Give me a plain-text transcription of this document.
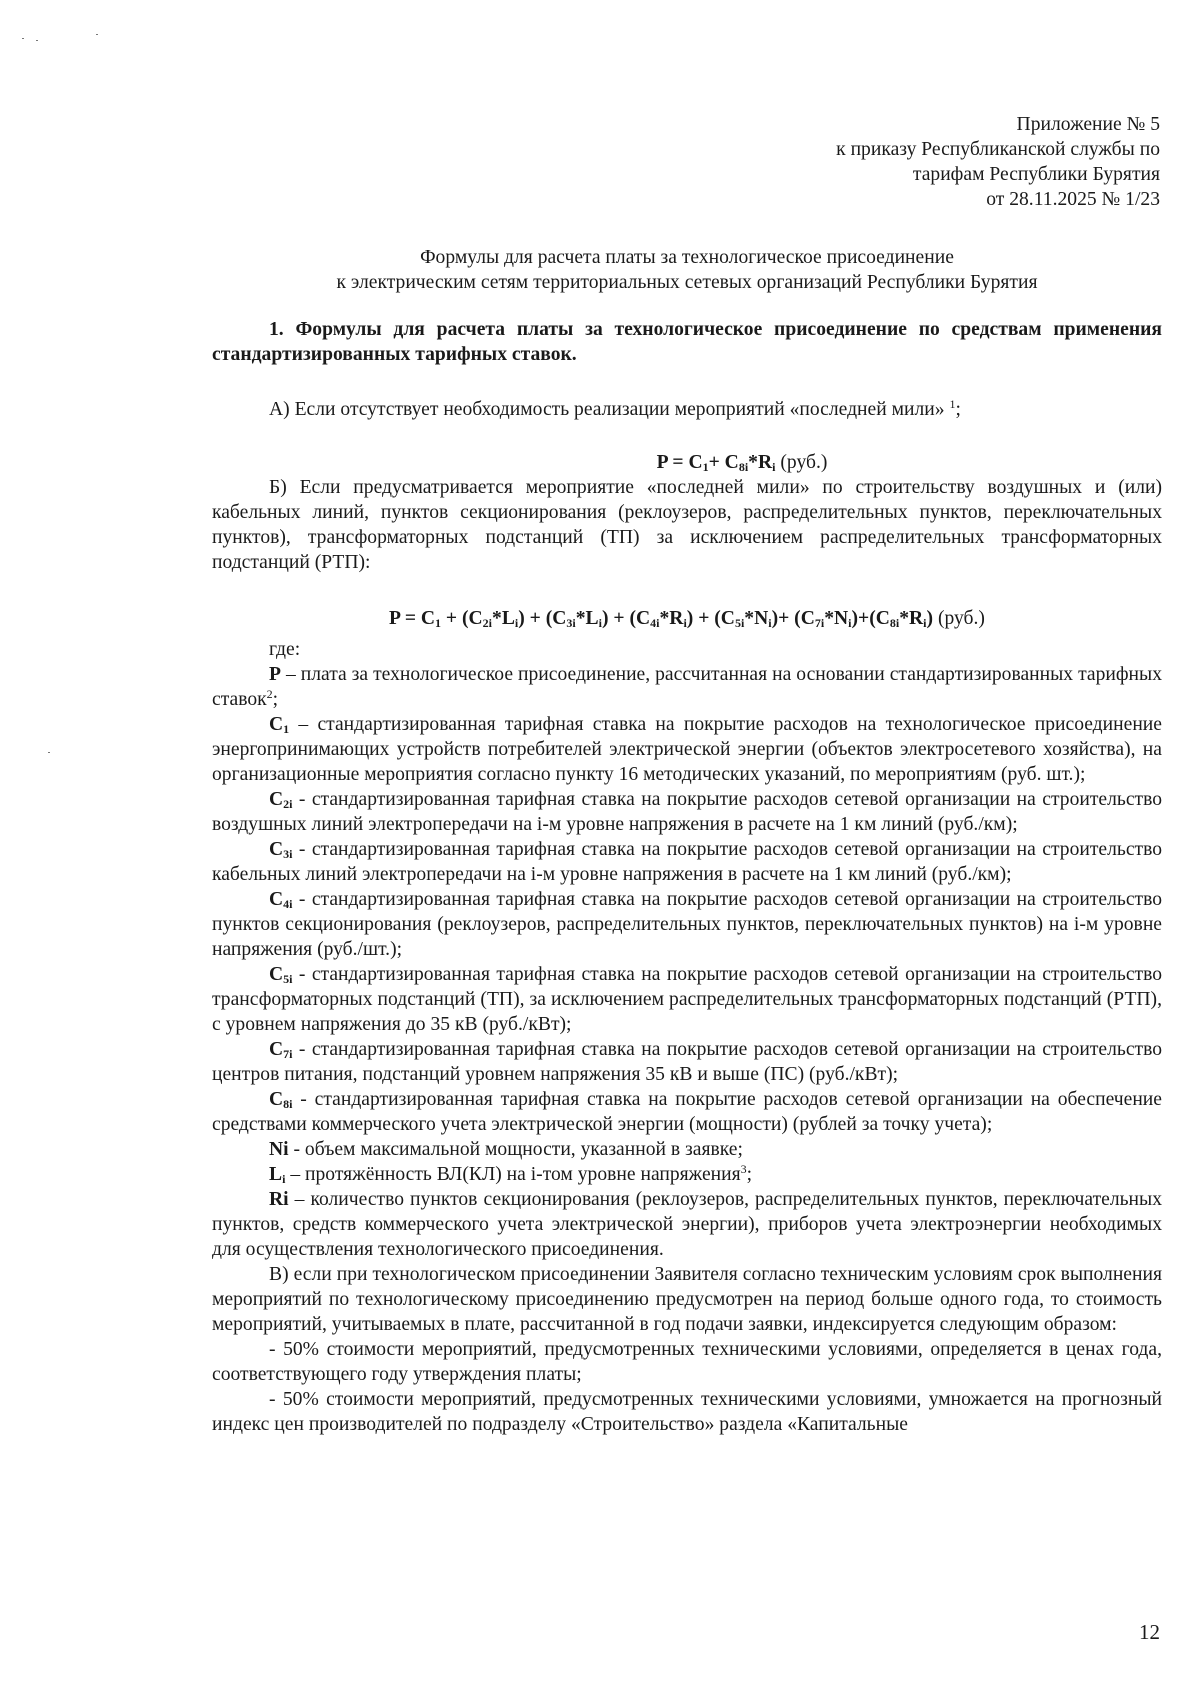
Приложение № 5
к приказу Республиканской службы по
тарифам Республики Бурятия
от 28.11.2025 № 1/23
Формулы для расчета платы за технологическое присоединение
к электрическим сетям территориальных сетевых организаций Республики Бурятия
1. Формулы для расчета платы за технологическое присоединение по средствам применения стандартизированных тарифных ставок.
А) Если отсутствует необходимость реализации мероприятий «последней мили» $^1$;
$P = C_1+ C_{8i}*R_i$ (руб.)

Б) Если предусматривается мероприятие «последней мили» по строительству воздушных и (или) кабельных линий, пунктов секционирования (реклоузеров, распределительных пунктов, переключательных пунктов), трансформаторных подстанций (ТП) за исключением распределительных трансформаторных подстанций (РТП):

$P = C_1 + (C_{2i}*L_i) + (C_{3i}*L_i) + (C_{4i}*R_i) + (C_{5i}*N_i)+ (C_{7i}*N_i)+(C_{8i}*R_i)$ (руб.)

где:

P – плата за технологическое присоединение, рассчитанная на основании стандартизированных тарифных ставок$^2$;

$C_1$ – стандартизированная тарифная ставка на покрытие расходов на технологическое присоединение энергопринимающих устройств потребителей электрической энергии (объектов электросетевого хозяйства), на организационные мероприятия согласно пункту 16 методических указаний, по мероприятиям (руб. шт.);

$C_{2i}$ - стандартизированная тарифная ставка на покрытие расходов сетевой организации на строительство воздушных линий электропередачи на i-м уровне напряжения в расчете на 1 км линий (руб./км);

$C_{3i}$ - стандартизированная тарифная ставка на покрытие расходов сетевой организации на строительство кабельных линий электропередачи на i-м уровне напряжения в расчете на 1 км линий (руб./км);

$C_{4i}$ - стандартизированная тарифная ставка на покрытие расходов сетевой организации на строительство пунктов секционирования (реклоузеров, распределительных пунктов, переключательных пунктов) на i-м уровне напряжения (руб./шт.);

$C_{5i}$ - стандартизированная тарифная ставка на покрытие расходов сетевой организации на строительство трансформаторных подстанций (ТП), за исключением распределительных трансформаторных подстанций (РТП), с уровнем напряжения до 35 кВ (руб./кВт);

$C_{7i}$ - стандартизированная тарифная ставка на покрытие расходов сетевой организации на строительство центров питания, подстанций уровнем напряжения 35 кВ и выше (ПС) (руб./кВт);

$C_{8i}$ - стандартизированная тарифная ставка на покрытие расходов сетевой организации на обеспечение средствами коммерческого учета электрической энергии (мощности) (рублей за точку учета);

Ni - объем максимальной мощности, указанной в заявке;

$L_i$ – протяжённость ВЛ(КЛ) на i-том уровне напряжения$^3$;

Ri – количество пунктов секционирования (реклоузеров, распределительных пунктов, переключательных пунктов, средств коммерческого учета электрической энергии), приборов учета электроэнергии необходимых для осуществления технологического присоединения.

В) если при технологическом присоединении Заявителя согласно техническим условиям срок выполнения мероприятий по технологическому присоединению предусмотрен на период больше одного года, то стоимость мероприятий, учитываемых в плате, рассчитанной в год подачи заявки, индексируется следующим образом:

- 50% стоимости мероприятий, предусмотренных техническими условиями, определяется в ценах года, соответствующего году утверждения платы;

- 50% стоимости мероприятий, предусмотренных техническими условиями, умножается на прогнозный индекс цен производителей по подразделу «Строительство» раздела «Капитальные

12
